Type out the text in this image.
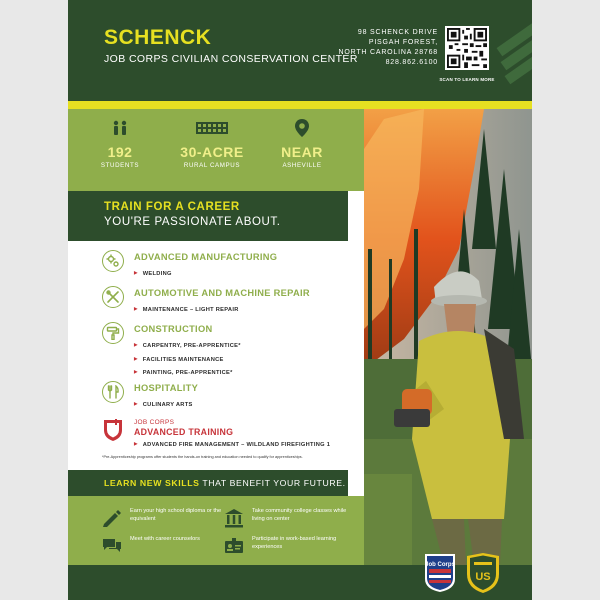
SCHENCK
JOB CORPS CIVILIAN CONSERVATION CENTER
98 SCHENCK DRIVE
PISGAH FOREST,
NORTH CAROLINA 28768
828.862.6100
SCAN TO LEARN MORE
192
STUDENTS
30-ACRE
RURAL CAMPUS
NEAR
ASHEVILLE
TRAIN FOR A CAREER
YOU'RE PASSIONATE ABOUT.
ADVANCED MANUFACTURING
▶ WELDING
AUTOMOTIVE AND MACHINE REPAIR
▶ MAINTENANCE – LIGHT REPAIR
CONSTRUCTION
▶ CARPENTRY, PRE-APPRENTICE*
▶ FACILITIES MAINTENANCE
▶ PAINTING, PRE-APPRENTICE*
HOSPITALITY
▶ CULINARY ARTS
JOB CORPS
ADVANCED TRAINING
▶ ADVANCED FIRE MANAGEMENT – WILDLAND FIREFIGHTING 1
*Pre-Apprenticeship programs offer students the hands-on training and education needed to qualify for apprenticeships.
LEARN NEW SKILLS THAT BENEFIT YOUR FUTURE.
Earn your high school diploma or the equivalent
Take community college classes while living on center
Meet with career counselors	Participate in work-based learning experiences
Job Corps
US
